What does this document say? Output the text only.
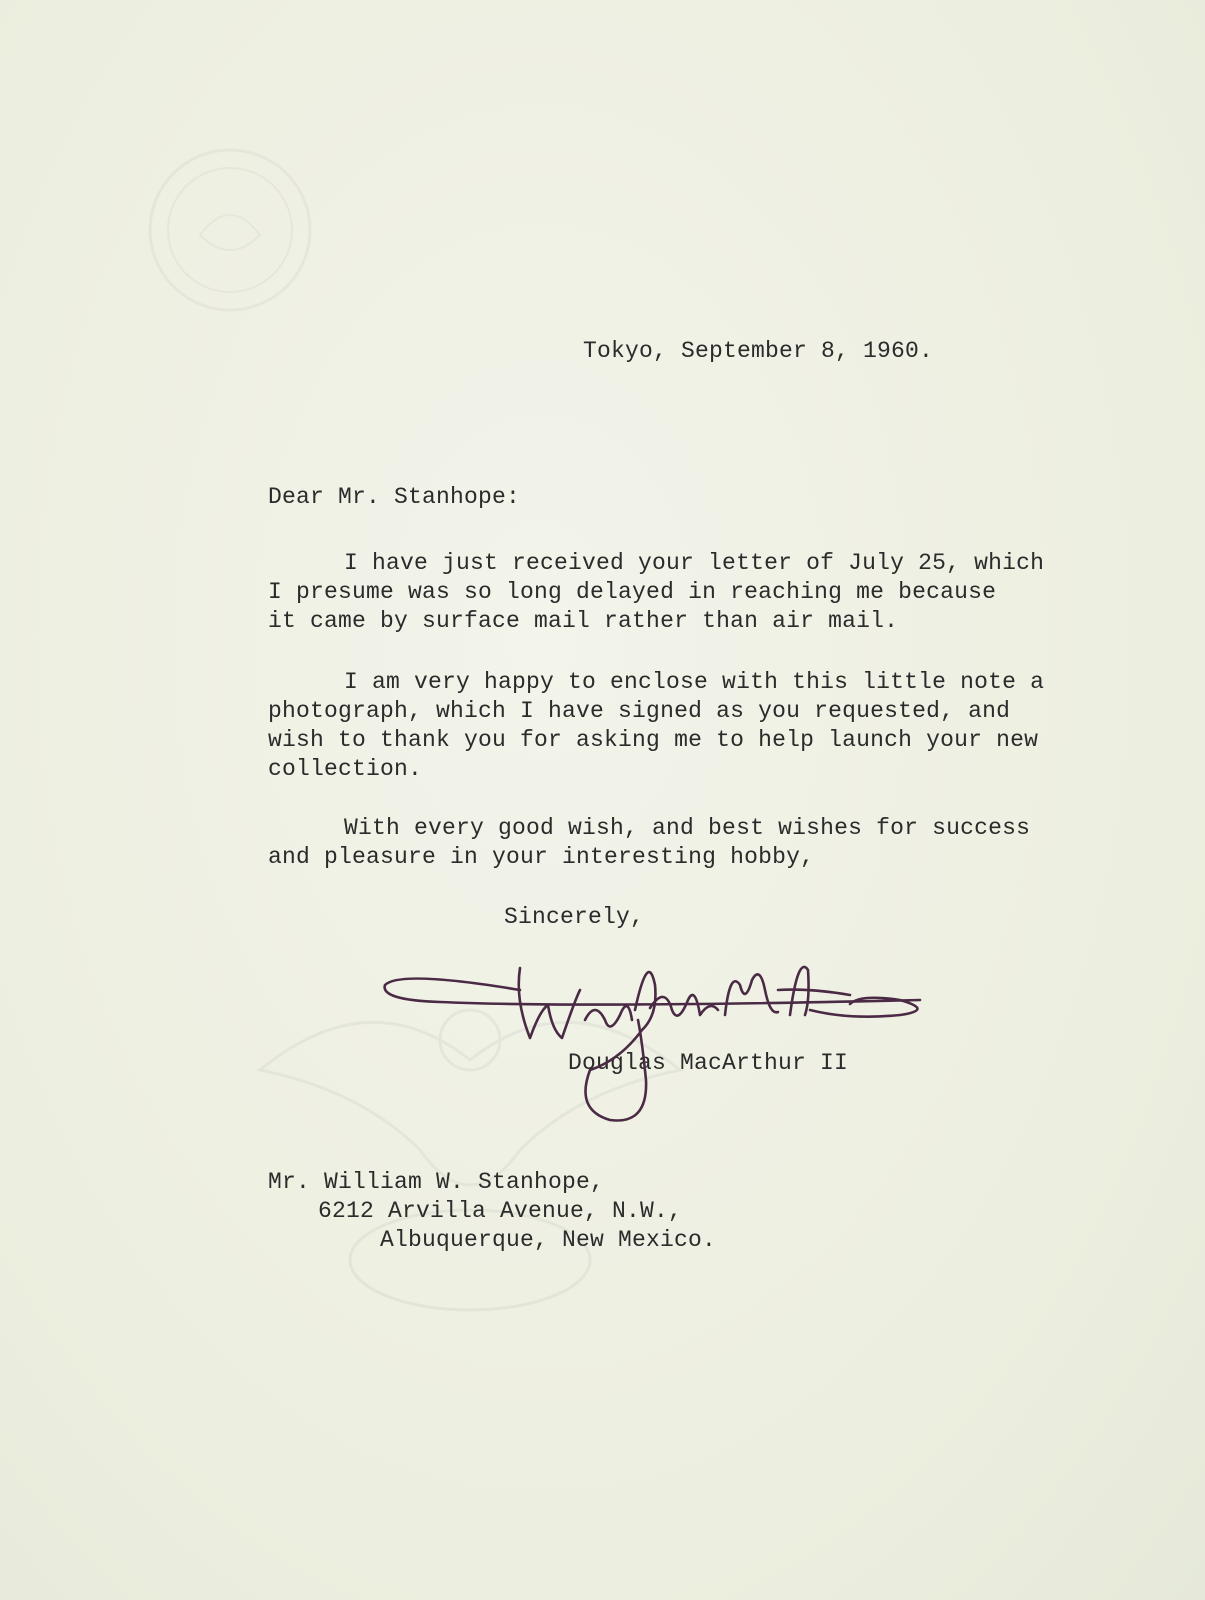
Tokyo, September 8, 1960.
Dear Mr. Stanhope:
I have just received your letter of July 25, which
I presume was so long delayed in reaching me because
it came by surface mail rather than air mail.
I am very happy to enclose with this little note a
photograph, which I have signed as you requested, and
wish to thank you for asking me to help launch your new
collection.
With every good wish, and best wishes for success
and pleasure in your interesting hobby,
Sincerely,
Douglas MacArthur II
Mr. William W. Stanhope,
6212 Arvilla Avenue, N.W.,
Albuquerque, New Mexico.
